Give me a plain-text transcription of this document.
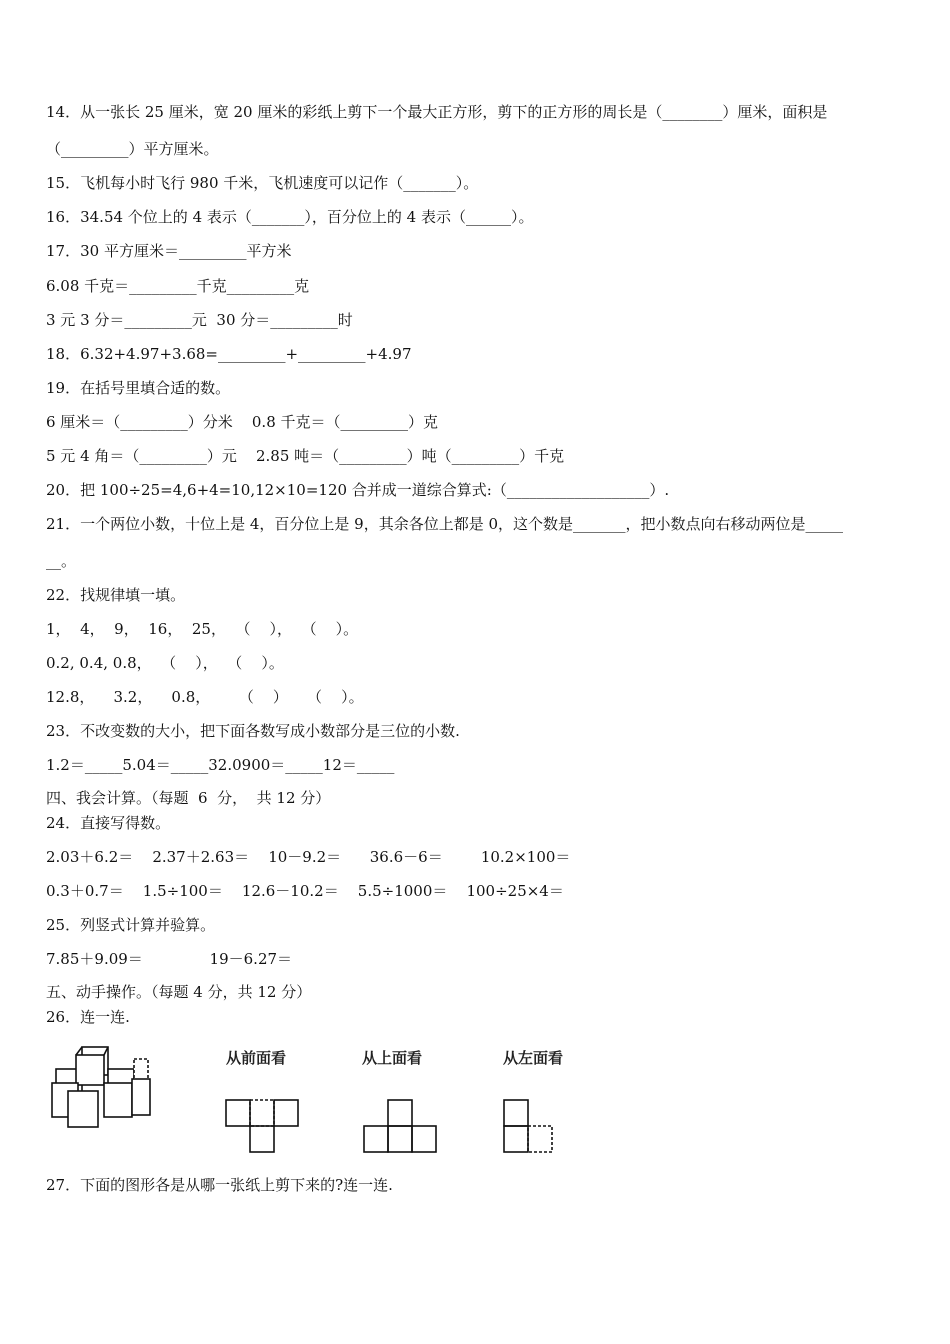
14．从一张长 25 厘米，宽 20 厘米的彩纸上剪下一个最大正方形，剪下的正方形的周长是（________）厘米，面积是
（_________）平方厘米。
15．飞机每小时飞行 980 千米，飞机速度可以记作（_______）。
16．34.54 个位上的 4 表示（_______），百分位上的 4 表示（______）。
17．30 平方厘米＝_________平方米
6.08 千克＝_________千克_________克
3 元 3 分＝_________元  30 分＝_________时
18．6.32+4.97+3.68=_________+_________+4.97
19．在括号里填合适的数。
6 厘米＝（_________）分米    0.8 千克＝（_________）克
5 元 4 角＝（_________）元    2.85 吨＝（_________）吨（_________）千克
20．把 100÷25=4,6+4=10,12×10=120 合并成一道综合算式:（___________________）.
21．一个两位小数，十位上是 4，百分位上是 9，其余各位上都是 0，这个数是_______，把小数点向右移动两位是_____
__。
22．找规律填一填。
1，  4，  9，  16，  25，  （    ），  （    ）。
0.2, 0.4, 0.8，  （    ），  （    ）。
12.8，    3.2，    0.8，      （    ）    （    ）。
23．不改变数的大小，把下面各数写成小数部分是三位的小数.
1.2＝_____5.04＝_____32.0900＝_____12＝_____
四、我会计算。（每题  6  分，  共 12 分）
24．直接写得数。
2.03＋6.2＝    2.37＋2.63＝    10－9.2＝      36.6－6＝        10.2×100＝
0.3＋0.7＝    1.5÷100＝    12.6－10.2＝    5.5÷1000＝    100÷25×4＝
25．列竖式计算并验算。
7.85＋9.09＝              19－6.27＝
五、动手操作。（每题 4 分，共 12 分）
26．连一连.
从前面看	从上面看	从左面看
27．下面的图形各是从哪一张纸上剪下来的?连一连.
